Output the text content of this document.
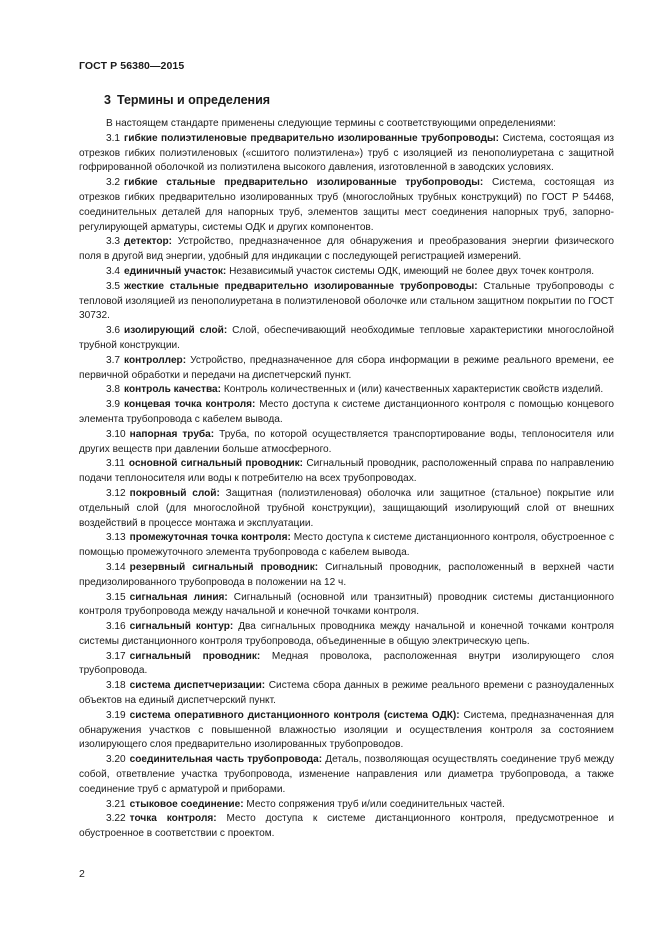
ГОСТ Р 56380—2015
3 Термины и определения

В настоящем стандарте применены следующие термины с соответствующими определениями:

3.1 гибкие полиэтиленовые предварительно изолированные трубопроводы: Система, состоящая из отрезков гибких полиэтиленовых («сшитого полиэтилена») труб с изоляцией из пенополиуретана с защитной гофрированной оболочкой из полиэтилена высокого давления, изготовленной в заводских условиях.

3.2 гибкие стальные предварительно изолированные трубопроводы: Система, состоящая из отрезков гибких предварительно изолированных труб (многослойных трубных конструкций) по ГОСТ Р 54468, соединительных деталей для напорных труб, элементов защиты мест соединения напорных труб, запорно-регулирующей арматуры, системы ОДК и других компонентов.

3.3 детектор: Устройство, предназначенное для обнаружения и преобразования энергии физического поля в другой вид энергии, удобный для индикации с последующей регистрацией измерений.

3.4 единичный участок: Независимый участок системы ОДК, имеющий не более двух точек контроля.

3.5 жесткие стальные предварительно изолированные трубопроводы: Стальные трубопроводы с тепловой изоляцией из пенополиуретана в полиэтиленовой оболочке или стальном защитном покрытии по ГОСТ 30732.

3.6 изолирующий слой: Слой, обеспечивающий необходимые тепловые характеристики многослойной трубной конструкции.

3.7 контроллер: Устройство, предназначенное для сбора информации в режиме реального времени, ее первичной обработки и передачи на диспетчерский пункт.

3.8 контроль качества: Контроль количественных и (или) качественных характеристик свойств изделий.

3.9 концевая точка контроля: Место доступа к системе дистанционного контроля с помощью концевого элемента трубопровода с кабелем вывода.

3.10 напорная труба: Труба, по которой осуществляется транспортирование воды, теплоносителя или других веществ при давлении больше атмосферного.

3.11 основной сигнальный проводник: Сигнальный проводник, расположенный справа по направлению подачи теплоносителя или воды к потребителю на всех трубопроводах.

3.12 покровный слой: Защитная (полиэтиленовая) оболочка или защитное (стальное) покрытие или отдельный слой (для многослойной трубной конструкции), защищающий изолирующий слой от внешних воздействий в процессе монтажа и эксплуатации.

3.13 промежуточная точка контроля: Место доступа к системе дистанционного контроля, обустроенное с помощью промежуточного элемента трубопровода с кабелем вывода.

3.14 резервный сигнальный проводник: Сигнальный проводник, расположенный в верхней части предизолированного трубопровода в положении на 12 ч.

3.15 сигнальная линия: Сигнальный (основной или транзитный) проводник системы дистанционного контроля трубопровода между начальной и конечной точками контроля.

3.16 сигнальный контур: Два сигнальных проводника между начальной и конечной точками контроля системы дистанционного контроля трубопровода, объединенные в общую электрическую цепь.

3.17 сигнальный проводник: Медная проволока, расположенная внутри изолирующего слоя трубопровода.

3.18 система диспетчеризации: Система сбора данных в режиме реального времени с разноудаленных объектов на единый диспетчерский пункт.

3.19 система оперативного дистанционного контроля (система ОДК): Система, предназначенная для обнаружения участков с повышенной влажностью изоляции и осуществления контроля за состоянием изолирующего слоя предварительно изолированных трубопроводов.

3.20 соединительная часть трубопровода: Деталь, позволяющая осуществлять соединение труб между собой, ответвление участка трубопровода, изменение направления или диаметра трубопровода, а также соединение труб с арматурой и приборами.

3.21 стыковое соединение: Место сопряжения труб и/или соединительных частей.

3.22 точка контроля: Место доступа к системе дистанционного контроля, предусмотренное и обустроенное в соответствии с проектом.

2
